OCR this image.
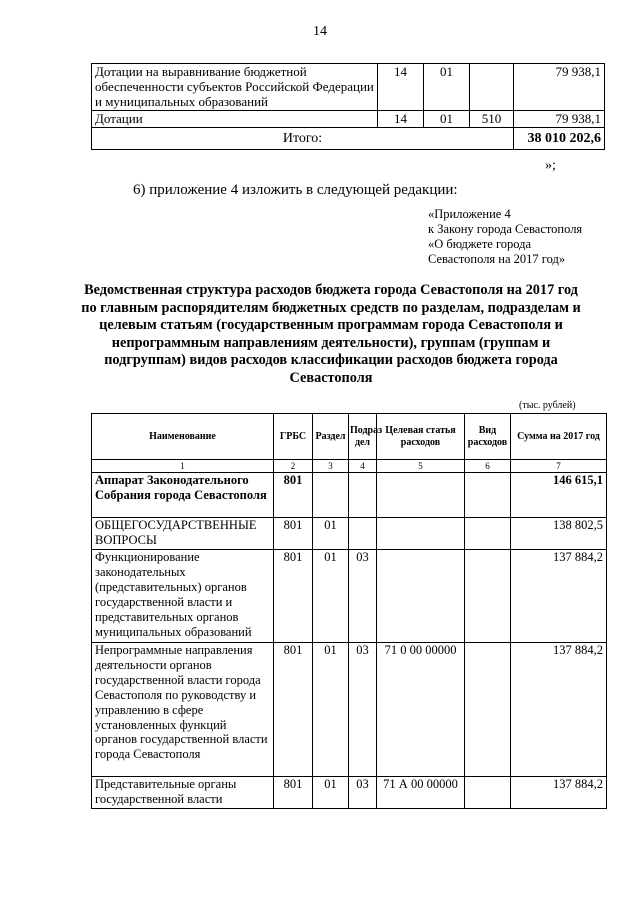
14
Дотации на выравнивание бюджетной обеспеченности субъектов Российской Федерации и муниципальных образований	14	01		79 938,1
Дотации	14	01	510	79 938,1
Итого:				38 010 202,6
»;
6) приложение 4 изложить в следующей редакции:
«Приложение 4
к Закону города Севастополя
«О бюджете города
Севастополя на 2017 год»
Ведомственная структура расходов бюджета города Севастополя на 2017 год по главным распорядителям бюджетных средств по разделам, подразделам и целевым статьям (государственным программам города Севастополя и непрограммным направлениям деятельности), группам (группам и подгруппам) видов расходов классификации расходов бюджета города Севастополя
(тыс. рублей)
Наименование	ГРБС	Раздел	Подраз дел	Целевая статья расходов	Вид расходов	Сумма на 2017 год
1	2	3	4	5	6	7
Аппарат Законодательного Собрания города Севастополя	801					146 615,1
ОБЩЕГОСУДАРСТВЕННЫЕ ВОПРОСЫ	801	01				138 802,5
Функционирование законодательных (представительных) органов государственной власти и представительных органов муниципальных образований	801	01	03			137 884,2
Непрограммные направления деятельности органов государственной власти города Севастополя по руководству и управлению в сфере установленных функций органов государственной власти города Севастополя	801	01	03	71 0 00 00000		137 884,2
Представительные органы государственной власти	801	01	03	71 А 00 00000		137 884,2
